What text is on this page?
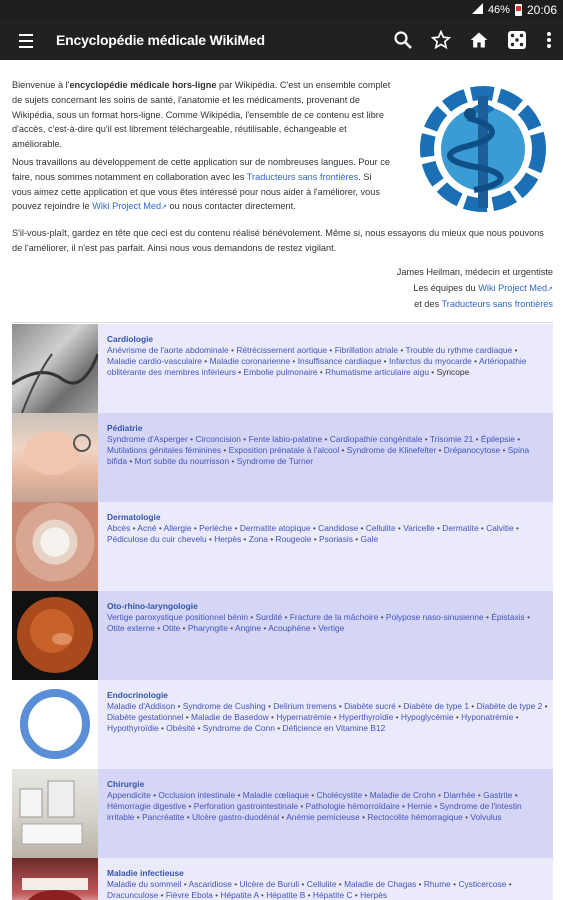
46% 20:06
Encyclopédie médicale WikiMed

Bienvenue à l'encyclopédie médicale hors-ligne par Wikipédia. C'est un ensemble complet de sujets concernant les soins de santé, l'anatomie et les médicaments, provenant de Wikipédia, sous un format hors-ligne. Comme Wikipédia, l'ensemble de ce contenu est libre d'accès, c'est-à-dire qu'il est librement téléchargeable, réutilisable, échangeable et améliorable.

Nous travaillons au développement de cette application sur de nombreuses langues. Pour ce faire, nous sommes notamment en collaboration avec les Traducteurs sans frontières. Si vous aimez cette application et que vous êtes intéressé pour nous aider à l'améliorer, vous pouvez rejoindre le Wiki Project Med↗ ou nous contacter directement.

S'il-vous-plaît, gardez en tête que ceci est du contenu réalisé bénévolement. Même si, nous essayons du mieux que nous pouvons de l'améliorer, il n'est pas parfait. Ainsi nous vous demandons de restez vigilant.

James Heilman, médecin et urgentiste
Les équipes du Wiki Project Med↗
et des Traducteurs sans frontières
Cardiologie
Anévrisme de l'aorte abdominale • Rétrécissement aortique • Fibrillation atriale • Trouble du rythme cardiaque • Maladie cardio-vasculaire • Maladie coronarienne • Insuffisance cardiaque • Infarctus du myocarde • Artériopathie oblitérante des membres inférieurs • Embolie pulmonaire • Rhumatisme articulaire aigu • Syncope
Pédiatrie
Syndrome d'Asperger • Circoncision • Fente labio-palatine • Cardiopathie congénitale • Trisomie 21 • Épilepsie • Mutilations génitales féminines • Exposition prénatale à l'alcool • Syndrome de Klinefelter • Drépanocytose • Spina bifida • Mort subite du nourrisson • Syndrome de Turner
Dermatologie
Abcès • Acné • Allergie • Perlèche • Dermatite atopique • Candidose • Cellulite • Varicelle • Dermatite • Calvitie • Pédiculose du cuir chevelu • Herpès • Zona • Rougeole • Psoriasis • Gale
Oto-rhino-laryngologie
Vertige paroxystique positionnel bénin • Surdité • Fracture de la mâchoire • Polypose naso-sinusienne • Épistaxis • Otite externe • Otite • Pharyngite • Angine • Acouphène • Vertige
Endocrinologie
Maladie d'Addison • Syndrome de Cushing • Delirium tremens • Diabète sucré • Diabète de type 1 • Diabète de type 2 • Diabète gestationnel • Maladie de Basedow • Hypernatrémie • Hyperthyroïdie • Hypoglycémie • Hyponatrémie • Hypothyroïdie • Obésité • Syndrome de Conn • Déficience en Vitamine B12
Chirurgie
Appendicite • Occlusion intestinale • Maladie cœliaque • Cholécystite • Maladie de Crohn • Diarrhée • Gastrite • Hémorragie digestive • Perforation gastrointestinale • Pathologie hémorroïdaire • Hernie • Syndrome de l'intestin irritable • Pancréatite • Ulcère gastro-duodénal • Anémie pernicieuse • Rectocolite hémorragique • Volvulus
Maladie infectieuse
Maladie du sommeil • Ascaridiose • Ulcère de Buruli • Cellulite • Maladie de Chagas • Rhume • Cysticercose • Dracunculose • Fièvre Ebola • Hépatite A • Hépatite B • Hépatite C • Herpès
